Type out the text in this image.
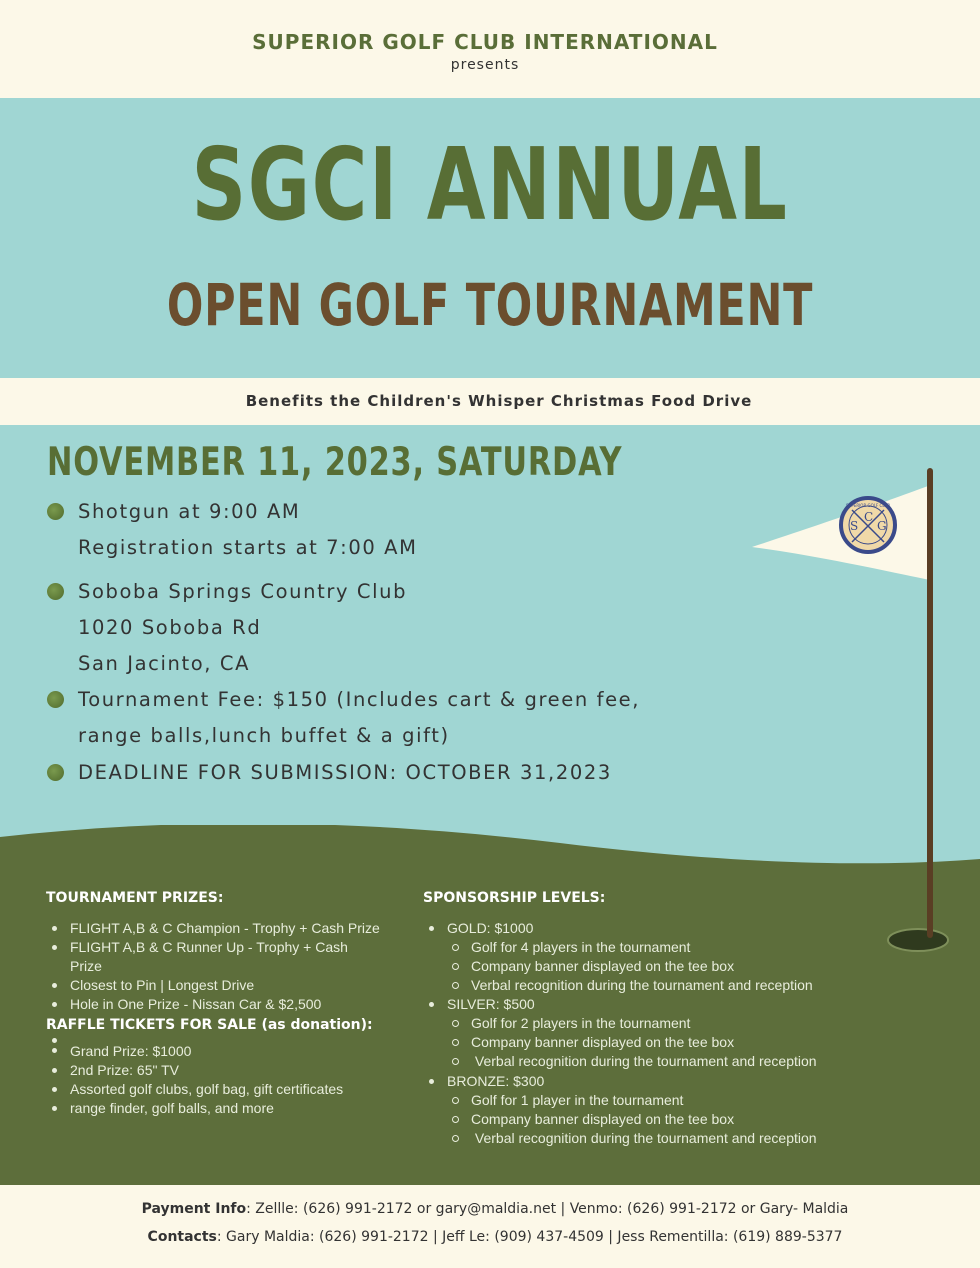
SUPERIOR GOLF CLUB INTERNATIONAL
presents
SGCI ANNUAL
OPEN GOLF TOURNAMENT
Benefits the Children's Whisper Christmas Food Drive
NOVEMBER 11, 2023, SATURDAY
Shotgun at 9:00 AM
Registration starts at 7:00 AM
Soboba Springs Country Club
1020 Soboba Rd
San Jacinto, CA
Tournament Fee: $150 (Includes cart & green fee,
range balls,lunch buffet & a gift)
DEADLINE FOR SUBMISSION: OCTOBER 31,2023
S
C
G
SUPERIOR GOLF CLUB
TOURNAMENT PRIZES:
FLIGHT A,B & C Champion - Trophy + Cash Prize
FLIGHT A,B & C Runner Up - Trophy + Cash
Prize
Closest to Pin | Longest Drive
Hole in One Prize - Nissan Car & $2,500
RAFFLE TICKETS FOR SALE (as donation):
Grand Prize: $1000
2nd Prize: 65" TV
Assorted golf clubs, golf bag, gift certificates
range finder, golf balls, and more
SPONSORSHIP LEVELS:
GOLD: $1000
Golf for 4 players in the tournament
Company banner displayed on the tee box
Verbal recognition during the tournament and reception
SILVER: $500
Golf for 2 players in the tournament
Company banner displayed on the tee box
Verbal recognition during the tournament and reception
BRONZE: $300
Golf for 1 player in the tournament
Company banner displayed on the tee box
Verbal recognition during the tournament and reception
Payment Info: Zellle: (626) 991-2172 or gary@maldia.net | Venmo: (626) 991-2172 or Gary- Maldia
Contacts: Gary Maldia: (626) 991-2172 | Jeff Le: (909) 437-4509 | Jess Rementilla: (619) 889-5377
